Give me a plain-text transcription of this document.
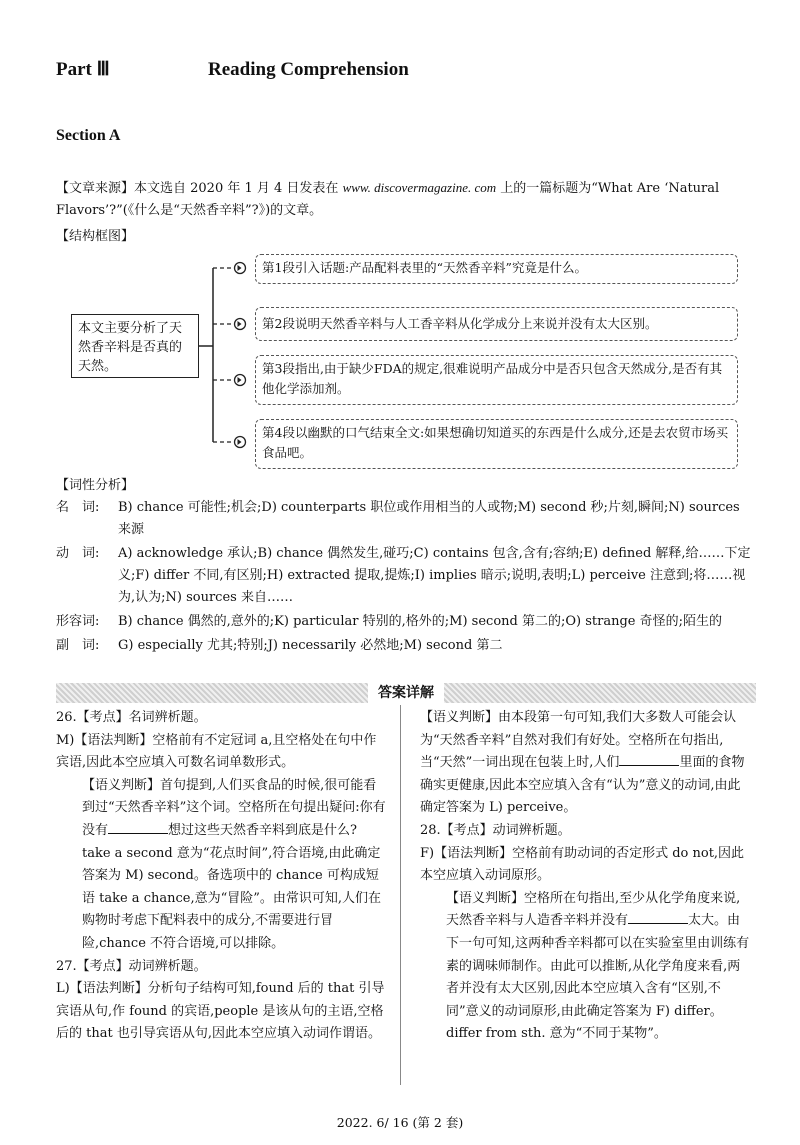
Part Ⅲ	Reading Comprehension
Section A
【文章来源】本文选自 2020 年 1 月 4 日发表在 www. discovermagazine. com 上的一篇标题为“What Are ‘Natural Flavors’?”(《什么是“天然香辛料”?》)的文章。
【结构框图】
本文主要分析了天然香辛料是否真的天然。
第1段引入话题:产品配料表里的“天然香辛料”究竟是什么。
第2段说明天然香辛料与人工香辛料从化学成分上来说并没有太大区别。
第3段指出,由于缺少FDA的规定,很难说明产品成分中是否只包含天然成分,是否有其他化学添加剂。
第4段以幽默的口气结束全文:如果想确切知道买的东西是什么成分,还是去农贸市场买食品吧。
【词性分析】
名　词:	B) chance 可能性;机会;D) counterparts 职位或作用相当的人或物;M) second 秒;片刻,瞬间;N) sources 来源
动　词:	A) acknowledge 承认;B) chance 偶然发生,碰巧;C) contains 包含,含有;容纳;E) defined 解释,给……下定义;F) differ 不同,有区别;H) extracted 提取,提炼;I) implies 暗示;说明,表明;L) perceive 注意到;将……视为,认为;N) sources 来自……
形容词:	B) chance 偶然的,意外的;K) particular 特别的,格外的;M) second 第二的;O) strange 奇怪的;陌生的
副　词:	G) especially 尤其;特别;J) necessarily 必然地;M) second 第二
答案详解

26.【考点】名词辨析题。

M)【语法判断】空格前有不定冠词 a,且空格处在句中作宾语,因此本空应填入可数名词单数形式。

【语义判断】首句提到,人们买食品的时候,很可能看到过“天然香辛料”这个词。空格所在句提出疑问:你有没有	想过这些天然香辛料到底是什么? take a second 意为“花点时间”,符合语境,由此确定答案为 M) second。备选项中的 chance 可构成短语 take a chance,意为“冒险”。由常识可知,人们在购物时考虑下配料表中的成分,不需要进行冒险,chance 不符合语境,可以排除。

27.【考点】动词辨析题。

L)【语法判断】分析句子结构可知,found 后的 that 引导宾语从句,作 found 的宾语,people 是该从句的主语,空格后的 that 也引导宾语从句,因此本空应填入动词作谓语。

【语义判断】由本段第一句可知,我们大多数人可能会认为“天然香辛料”自然对我们有好处。空格所在句指出,当“天然”一词出现在包装上时,人们	里面的食物确实更健康,因此本空应填入含有“认为”意义的动词,由此确定答案为 L) perceive。

28.【考点】动词辨析题。

F)【语法判断】空格前有助动词的否定形式 do not,因此本空应填入动词原形。

【语义判断】空格所在句指出,至少从化学角度来说,天然香辛料与人造香辛料并没有	太大。由下一句可知,这两种香辛料都可以在实验室里由训练有素的调味师制作。由此可以推断,从化学角度来看,两者并没有太大区别,因此本空应填入含有“区别,不同”意义的动词原形,由此确定答案为 F) differ。differ from sth. 意为“不同于某物”。

2022. 6/ 16 (第 2 套)
